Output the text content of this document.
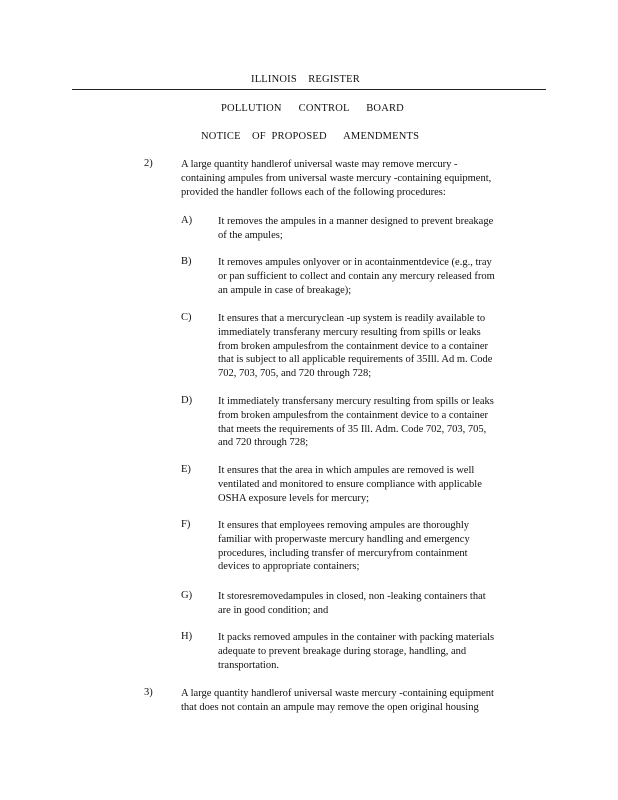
ILLINOIS    REGISTER
POLLUTION      CONTROL      BOARD
NOTICE    OF  PROPOSED      AMENDMENTS
2)	A large quantity handlerof universal waste may remove mercury -
containing ampules from universal waste mercury -containing equipment,
provided the handler follows each of the following procedures:
A) It removes the ampules in a manner designed to prevent breakage
of the ampules;
B)	It removes ampules onlyover or in acontainmentdevice (e.g., tray
or pan sufficient to collect and contain any mercury released from
an ampule in case of breakage);
C)	It ensures that a mercuryclean -up system is readily available to
immediately transferany mercury resulting from spills or leaks
from broken ampulesfrom the containment device to a container
that is subject to all applicable requirements of 35Ill. Ad m. Code
702, 703, 705, and 720 through 728;
D) It immediately transfersany mercury resulting from spills or leaks
from broken ampulesfrom the containment device to a container
that meets the requirements of 35 Ill. Adm. Code 702, 703, 705,
and 720 through 728;
E)	It ensures that the area in which ampules are removed is well
ventilated and monitored to ensure compliance with applicable
OSHA exposure levels for mercury;
F)	It ensures that employees removing ampules are thoroughly
familiar with properwaste mercury handling and emergency
procedures, including transfer of mercuryfrom containment
devices to appropriate containers;
G) It storesremovedampules in closed, non -leaking containers that
are in good condition; and
H) It packs removed ampules in the container with packing materials
adequate to prevent breakage during storage, handling, and
transportation.
3)	A large quantity handlerof universal waste mercury -containing equipment
that does not contain an ampule may remove the open original housing
